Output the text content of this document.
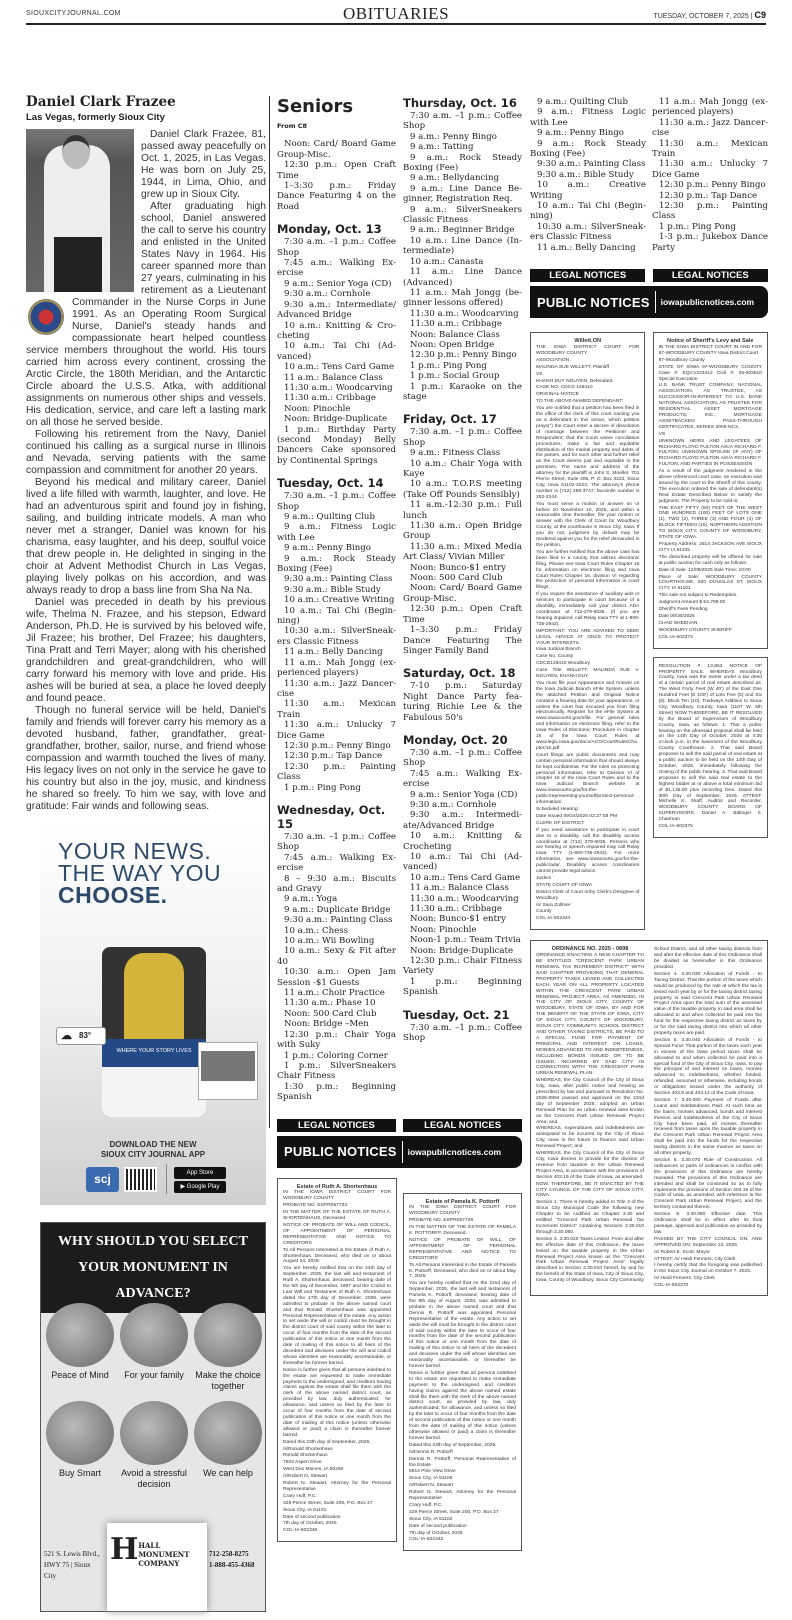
SIOUXCITYJOURNAL.COM	OBITUARIES	TUESDAY, OCTOBER 7, 2025 | C9
Daniel Clark Frazee
Las Vegas, formerly Sioux City

Daniel Clark Frazee, 81, passed away peacefully on Oct. 1, 2025, in Las Vegas. He was born on July 25, 1944, in Lima, Ohio, and grew up in Sioux City.

After graduating high school, Daniel answered the call to serve his country and enlisted in the United States Navy in 1964. His career spanned more than 27 years, culminating in his retirement as a Lieutenant Commander in the Nurse Corps in June 1991. As an Operating Room Surgical Nurse, Daniel's steady hands and compassionate heart helped countless service members throughout the world. His tours carried him across every continent, crossing the Arctic Circle, the 180th Meridian, and the Antarctic Circle aboard the U.S.S. Atka, with additional assignments on numerous other ships and vessels. His dedication, service, and care left a lasting mark on all those he served beside.

Following his retirement from the Navy, Daniel continued his calling as a surgical nurse in Illinois and Nevada, serving patients with the same compassion and commitment for another 20 years.

Beyond his medical and military career, Daniel lived a life filled with warmth, laughter, and love. He had an adventurous spirit and found joy in fishing, sailing, and building intricate models. A man who never met a stranger, Daniel was known for his charisma, easy laughter, and his deep, soulful voice that drew people in. He delighted in singing in the choir at Advent Methodist Church in Las Vegas, playing lively polkas on his accordion, and was always ready to drop a bass line from Sha Na Na.

Daniel was preceded in death by his previous wife, Thelma N. Frazee, and his stepson, Edward Anderson, Ph.D. He is survived by his beloved wife, Jil Frazee; his brother, Del Frazee; his daughters, Tina Pratt and Terri Mayer; along with his cherished grandchildren and great-grandchildren, who will carry forward his memory with love and pride. His ashes will be buried at sea, a place he loved deeply and found peace.

Though no funeral service will be held, Daniel's family and friends will forever carry his memory as a devoted husband, father, grandfather, great-grandfather, brother, sailor, nurse, and friend whose compassion and warmth touched the lives of many. His legacy lives on not only in the service he gave to his country but also in the joy, music, and kindness he shared so freely. To him we say, with love and gratitude: Fair winds and following seas.

YOUR NEWS.
THE WAY YOU
CHOOSE.
WHERE YOUR STORY LIVES
☁ 83°
DOWNLOAD THE NEW
SIOUX CITY JOURNAL APP
scj	App Store
▶ Google Play
WHY SHOULD YOU SELECT
YOUR MONUMENT IN ADVANCE?
Peace of Mind	For your family	Make the choice together
Buy Smart	Avoid a stressful decision
We can help
H HALL MONUMENT COMPANY
521 S. Lewis Blvd.,
HWY 75 | Sioux City
712-258-8275
1-888-455-4368
Seniors
From C8
Noon: Card/ Board Game Group-Misc.
12:30 p.m.: Open Craft Time
1–3:30 p.m.: Friday Dance Featuring 4 on the Road
Monday, Oct. 13
7:30 a.m. –1 p.m.: Coffee Shop
7:45 a.m.: Walking Exercise
9 a.m.: Senior Yoga (CD)
9:30 a.m.: Cornhole
9:30 a.m.: Intermediate/ Advanced Bridge
10 a.m.: Knitting & Crocheting
10 a.m.: Tai Chi (Advanced)
10 a.m.: Tens Card Game
11 a.m.: Balance Class
11:30 a.m.: Woodcarving
11:30 a.m.: Cribbage
Noon: Pinochle
Noon: Bridge-Duplicate
1 p.m.: Birthday Party (second Monday) Belly Dancers Cake sponsored by Continental Springs
Tuesday, Oct. 14
7:30 a.m. –1 p.m.: Coffee Shop
9 a.m.: Quilting Club
9 a.m.: Fitness Logic with Lee
9 a.m.: Penny Bingo
9 a.m.: Rock Steady Boxing (Fee)
9:30 a.m.: Painting Class
9:30 a.m.: Bible Study
10 a.m.: Creative Writing
10 a.m.: Tai Chi (Beginning)
10:30 a.m.: SilverSneakers Classic Fitness
11 a.m.: Belly Dancing
11 a.m.: Mah Jongg (experienced players)
11:30 a.m.: Jazz Dancercise
11:30 a.m.: Mexican Train
11:30 a.m.: Unlucky 7 Dice Game
12:30 p.m.: Penny Bingo
12:30 p.m.: Tap Dance
12:30 p.m.: Painting Class
1 p.m.: Ping Pong
Wednesday, Oct. 15
7:30 a.m. –1 p.m.: Coffee Shop
7:45 a.m.: Walking Exercise
8 – 9:30 a.m.: Biscuits and Gravy
9 a.m.: Yoga
9 a.m.: Duplicate Bridge
9:30 a.m.: Painting Class
10 a.m.: Chess
10 a.m.: Wii Bowling
10 a.m.: Sexy & Fit after 40
10:30 a.m.: Open Jam Session -$1 Guests
11 a.m.: Choir Practice
11:30 a.m.: Phase 10
Noon: 500 Card Club
Noon: Bridge –Men
12:30 p.m.: Chair Yoga with Suky
1 p.m.: Coloring Corner
1 p.m.: SilverSneakers Chair Fitness
1:30 p.m.: Beginning Spanish
Thursday, Oct. 16
7:30 a.m. –1 p.m.: Coffee Shop
9 a.m.: Penny Bingo
9 a.m.: Tatting
9 a.m.: Rock Steady Boxing (Fee)
9 a.m.: Bellydancing
9 a.m.: Line Dance Beginner, Registration Req.
9 a.m.: SilverSneakers Classic Fitness
9 a.m.: Beginner Bridge
10 a.m.: Line Dance (Intermediate)
10 a.m.: Canasta
11 a.m.: Line Dance (Advanced)
11 a.m.: Mah Jongg (beginner lessons offered)
11:30 a.m.: Woodcarving
11:30 a.m.: Cribbage
Noon: Balance Class
Noon: Open Bridge
12:30 p.m.: Penny Bingo
1 p.m.: Ping Pong
1 p.m.: Social Group
1 p.m.: Karaoke on the stage
Friday, Oct. 17
7:30 a.m. –1 p.m.: Coffee Shop
9 a.m.: Fitness Class
10 a.m.: Chair Yoga with Kaye
10 a.m.: T.O.P.S meeting (Take Off Pounds Sensibly)
11 a.m.-12:30 p.m.: Full lunch
11:30 a.m.: Open Bridge Group
11:30 a.m.: Mixed Media Art Class/ Vivian Miller
Noon: Bunco-$1 entry
Noon: 500 Card Club
Noon: Card/ Board Game Group-Misc.
12:30 p.m.: Open Craft Time
1–3:30 p.m.: Friday Dance Featuring The Singer Family Band
Saturday, Oct. 18
7-10 p.m.: Saturday Night Dance Party featuring Richie Lee & the Fabulous 50's
Monday, Oct. 20
7:30 a.m. –1 p.m.: Coffee Shop
7:45 a.m.: Walking Exercise
9 a.m.: Senior Yoga (CD)
9:30 a.m.: Cornhole
9:30 a.m.: Intermediate/Advanced Bridge
10 a.m.: Knitting & Crocheting
10 a.m.: Tai Chi (Advanced)
10 a.m.: Tens Card Game
11 a.m.: Balance Class
11:30 a.m.: Woodcarving
11:30 a.m.: Cribbage
Noon: Bunco-$1 entry
Noon: Pinochle
Noon-1 p.m.: Team Trivia
Noon: Bridge-Duplicate
12:30 p.m.: Chair Fitness Variety
1 p.m.: Beginning Spanish
Tuesday, Oct. 21
7:30 a.m. –1 p.m.: Coffee Shop
LEGAL NOTICES	LEGAL NOTICES
PUBLIC NOTICES iowapublicnotices.com
Estate of Ruth A. Shortenhaus

IN THE IOWA DISTRICT COURT FOR WOODBURY COUNTY

PROBATE NO. ESPR057733

IN THE MATTER OF THE ESTATE OF RUTH A. SHORTENHAUS, Deceased.

NOTICE OF PROBATE OF WILL AND CODICIL, OF APPOINTMENT OF PERSONAL REPRESENTATIVE AND NOTICE TO CREDITORS

To All Persons Interested in the Estate of Ruth A. Shortenhaus, Deceased, who died on or about August 24, 2025:

You are hereby notified that on the 24th day of September, 2025, the last will and testament of Ruth A. Shortenhaus, deceased, bearing date of the 5th day of December, 1997 and the Codicil to Last Will and Testament of Ruth A. Shortenhaus dated the 17th day of December, 2008, were admitted to probate in the above named court and that Ronald Shortenhaus was appointed Personal Representative of the estate. Any action to set aside the will or codicil must be brought in the district court of said county within the later to occur of four months from the date of the second publication of this notice or one month from the date of mailing of this notice to all heirs of the decedent and devisees under the will and codicil whose identities are reasonably ascertainable, or thereafter be forever barred.

Notice is further given that all persons indebted to the estate are requested to make immediate payment to the undersigned, and creditors having claims against the estate shall file them with the clerk of the above named district court, as provided by law, duly authenticated, for allowance, and unless so filed by the later to occur of four months from the date of second publication of this notice or one month from the date of mailing of this notice (unless otherwise allowed or paid) a claim is thereafter forever barred.

Dated this 24th day of September, 2025.

/s/Ronald Shortenhaus

Ronald Shortenhaus

7803 Aspen Drive

West Des Moines, IA 50266

/s/Robert N. Stewart

Robert N. Stewart, Attorney for the Personal Representative

Crary Huff, P.C.

329 Pierce Street, Suite 200, P.O. Box 27

Sioux City, IA 51101

Date of second publication

7th day of October, 2025

COL-IA-502345

Estate of Pamela K. Pottorff

IN THE IOWA DISTRICT COURT FOR WOODBURY COUNTY

PROBATE NO. ESPR057728

IN THE MATTER OF THE ESTATE OF PAMELA K. POTTORFF, Deceased.

NOTICE OF PROBATE OF WILL, OF APPOINTMENT OF PERSONAL REPRESENTATIVE AND NOTICE TO CREDITORS

To All Persons Interested in the Estate of Pamela K. Pottorff, Deceased, who died on or about May 7, 2025:

You are hereby notified that on the 22nd day of September, 2025, the last will and testament of Pamela K. Pottorff, deceased, bearing date of the 6th day of August, 2020, was admitted to probate in the above named court and that Dennis R. Pottorff was appointed Personal Representative of the estate. Any action to set aside the will must be brought in the district court of said county within the later to occur of four months from the date of the second publication of this notice or one month from the date of mailing of this notice to all heirs of the decedent and devisees under the will whose identities are reasonably ascertainable, or thereafter be forever barred.

Notice is further given that all persons indebted to the estate are requested to make immediate payment to the undersigned, and creditors having claims against the above named estate shall file them with the clerk of the above named district court, as provided by law, duly authenticated, for allowance, and unless so filed by the later to occur of four months from the date of second publication of this notice or one month from the date of mailing of this notice (unless otherwise allowed or paid) a claim is thereafter forever barred.

Dated this 24th day of September, 2025.

/s/Dennis R. Pottorff

Dennis R. Pottorff, Personal Representative of the Estate

5814 Pine View Drive

Sioux City, IA 51106

/s/Robert N. Stewart

Robert N. Stewart, Attorney for the Personal Representative

Crary Huff, P.C.

329 Pierce Street, Suite 200, P.O. Box 27

Sioux City, IA 51102

Date of second publication

7th day of October, 2025

COL-IA-502342

9 a.m.: Quilting Club
9 a.m.: Fitness Logic with Lee
9 a.m.: Penny Bingo
9 a.m.: Rock Steady Boxing (Fee)
9:30 a.m.: Painting Class
9:30 a.m.: Bible Study
10 a.m.: Creative Writing
10 a.m.: Tai Chi (Beginning)
10:30 a.m.: SilverSneakers Classic Fitness
11 a.m.: Belly Dancing
11 a.m.: Mah Jongg (experienced players)
11:30 a.m.: Jazz Dancercise
11:30 a.m.: Mexican Train
11:30 a.m.: Unlucky 7 Dice Game
12:30 p.m.: Penny Bingo
12:30 p.m.: Tap Dance
12:30 p.m.: Painting Class
1 p.m.: Ping Pong
1-3 p.m.: Jukebox Dance Party
LEGAL NOTICES	LEGAL NOTICES
PUBLIC NOTICES iowapublicnotices.com
Willett.ON

THE IOWA DISTRICT COURT FOR WOODBURY COUNTY

ASSOCIATION

MALINDA SUE WILLETT, Plaintiff

VS.

KHANH DUY NGUYEN, Defendant.

CASE NO. CDCD 128410

ORIGINAL NOTICE

TO THE ABOVE-NAMED DEFENDANT:

You are notified that a petition has been filed in the office of the clerk of this court naming you as a defendant in this action, which petition prays(") the Court enter a decree of dissolution of marriage between the Petitioner and Respondent; that the Court waive conciliation procedures, make a fair and equitable distribution of the marital property and debts of the parties, and for such other and further relief as the Court deems just and equitable in the premises. The name and address of the attorney for the plaintiff is John S. Moeller, 701 Pierce Street, Suite 205, P. O. Box 3223, Sioux City, Iowa 51102-3223. The attorney's phone number is (712) 258-3747; facsimile number is 252-2244.

You must serve a motion or answer on or before 20 November 10, 2025, and within a reasonable time thereafter, file your motion or answer with the Clerk of Court for Woodbury County, at the courthouse in Sioux City, Iowa. If you do not, judgment by default may be rendered against you for the relief demanded in the petition.

You are further notified that the above case has been filed in a county that utilizes electronic filing. Please see Iowa Court Rules Chapter 16 for information on electronic filing and Iowa Court Rules Chapter 16, division VI regarding the protection of personal information in court filings.

If you require the assistance of auxiliary aids or services to participate in court because of a disability, immediately call your district ADA coordinator at 712-279-6035. (If you are hearing impaired, call Relay Iowa TTY at 1-800-735-2942).

IMPORTANT: YOU ARE ADVISED TO SEEK LEGAL ADVICE AT ONCE TO PROTECT YOUR INTERESTS.

Iowa Judicial Branch

Case No. County

CDCD128410 Woodbury

Case Title WILLETT, MALINDA SUE V. NGUYEN, KHANH DUY

You must file your Appearance and Answer on the Iowa Judicial Branch eFile System, unless the attached Petition and Original Notice contains a hearing date for your appearance, or unless the court has excused you from filing electronically. Register for the eFile System at www.iowacourts.gov/efile. For general rules and information on electronic filing, refer to the Iowa Rules of Electronic Procedure in chapter 16 of the Iowa Court Rules at www.legis.iowa.gov/docs/ACO/CourtRulesChapter/16.pdf.

Court filings are public documents and may contain personal information that should always be kept confidential. For the rules on protecting personal information, refer to Division VI of chapter 16 of the Iowa Court Rules and to the Iowa Judicial Branch website at www.iowacourts.gov/for-the-public/representing-yourself/protect-personal-information/.

Scheduled Hearing:

Date Issued 09/24/2025 02:27:58 PM

CLERK OF DISTRICT

If you need assistance to participate in court due to a disability, call the disability access coordinator at (712) 279-6035. Persons who are hearing or speech impaired may call Relay Iowa TTY (1-800-735-2942). For more information, see www.iowacourts.gov/for-the-public/ada/. Disability access coordinators cannot provide legal advice.

Justice

STATE COURT OF IOWA

District Clerk of Court or/by Clerk's Designee of Woodbury

/s/ Sara Zollmer

County

COL-IA-502344

Notice of Sheriff's Levy and Sale

IN THE IOWA DISTRICT COURT IN AND FOR 97-WOODBURY COUNTY Iowa District Court

97-Woodbury County

STATE OF IOWA 97-WOODBURY COUNTY Case #: EQCV223412 Civil #: 25-003510 Special Execution

U.S. BANK TRUST COMPANY, NATIONAL ASSOCIATION, AS TRUSTEE, AS SUCCESSOR-IN-INTEREST TO U.S. BANK NATIONAL ASSOCIATION, AS TRUSTEE FOR RESIDENTIAL ASSET MORTGAGE PRODUCTS, INC., MORTGAGE ASSETBACKED PASS-THROUGH CERTIFICATES, SERIES 2006-NC3,

VS

UNKNOWN HEIRS AND LEGATEES OF RICHARD FLOYD FULTON A/K/A RICHARD F. FULTON; UNKNOWN SPOUSE (IF ANY) OF RICHARD FLOYD FULTON A/K/A RICHARD F. FULTON; AND PARTIES IN POSSESSION

As a result of the judgment rendered in the above referenced court case, an execution was issued by the court to the Sheriff of this county. The execution ordered the sale of defendant(s) Real Estate Described Below to satisfy the judgment. The Property to be sold is:

THE EAST FIFTY (50) FEET OF THE WEST ONE HUNDRED (100) FEET OF LOTS ONE (1), TWO (2), THREE (3) AND FOUR (4) OF BLOCK FIFTEEN (15), NORTHERN ADDITION TO SIOUX CITY, COUNTY OF WOODBURY, STATE OF IOWA.

Property Address: 2814 JACKSON AVE SIOUX CITY IA 51105

The described property will be offered for sale at public auction for cash only as follows:

Date of Sale: 12/09/2025 Sale Time: 10:00

Place of Sale: WOODBURY COUNTY COURTHOUSE, 620 DOUGLAS ST, SIOUX CITY, IA 51101

This sale not subject to Redemption.

Judgment Amount $ 54,799.00

Sheriff's Fees Pending

Date 09/30/2025

CHAD SHEEHAN

WOODBURY COUNTY SHERIFF

COL-IA-502374

RESOLUTION # 13,853 NOTICE OF PROPERTY SALE. WHEREAS Woodbury County, Iowa was the owner under a tax deed of a certain parcel of real estate described as: The West Forty Feet (W 40') of the East One Hundred Feet (E 100') of Lots Five (5) and Six (6), Block Ten (10), Tredways Addition to Sioux City, Woodbury County, Iowa (1107 W. 5th Street) NOW THEREFORE, BE IT RESOLVED by the Board of Supervisors of Woodbury County, Iowa, as follows: 1. That a public hearing on the aforesaid proposal shall be held on the 14th Day of October, 2025 at 4:35 o'clock p.m. in the basement of the Woodbury County Courthouse. 2. That said Board proposes to sell the said parcel of real estate at a public auction to be held on the 14th Day of October, 2025, immediately following the closing of the public hearing. 3. That said Board proposes to sell the said real estate to the highest bidder at or above a total minimum bid of $1,135.00 plus recording fees. Dated this 30th Day of September, 2025. ATTEST: Michelle K. Skaff, Auditor and Recorder, WOODBURY COUNTY BOARD OF SUPERVISORS, Daniel A. Bittinger II, Chairman

COL-IA-502375

ORDINANCE NO. 2025 - 0898

ORDINANCE ENACTING A NEW CHAPTER TO BE ENTITLED "CRESCENT PARK URBAN RENEWAL TAX INCREMENT DISTRICT" WITH SAID CHAPTER PROVIDING THAT GENERAL PROPERTY TAXES LEVIED AND COLLECTED EACH YEAR ON ALL PROPERTY LOCATED WITHIN THE CRESCENT PARK URBAN RENEWAL PROJECT AREA, AS AMENDED, IN THE CITY OF SIOUX CITY, COUNTY OF WOODBURY, STATE OF IOWA, BY AND FOR THE BENEFIT OF THE STATE OF IOWA, CITY OF SIOUX CITY, COUNTY OF WOODBURY, SIOUX CITY COMMUNITY SCHOOL DISTRICT AND OTHER TAXING DISTRICTS, BE PAID TO A SPECIAL FUND FOR PAYMENT OF PRINCIPAL AND INTEREST ON LOANS, MONIES ADVANCED TO AND INDEBTEDNESS, INCLUDING BONDS ISSUED OR TO BE ISSUED, INCURRED BY SAID CITY IN CONNECTION WITH THE CRESCENT PARK URBAN RENEWAL PLAN.

WHEREAS, the City Council of the City of Sioux City, Iowa, after public notice and hearing as prescribed by law and pursuant to Resolution No. 2025-0894 passed and approved on the 22nd day of September 2025, adopted an Urban Renewal Plan for an urban renewal area known as the Crescent Park Urban Renewal Project Area; and

WHEREAS, expenditures and indebtedness are anticipated to be incurred by the City of Sioux City, Iowa in the future to finance said Urban Renewal Project; and

WHEREAS, the City Council of the City of Sioux City, Iowa desires to provide for the division of revenue from taxation in the Urban Renewal Project Area, in accordance with the provisions of Section 403.19 of the Code of Iowa, as amended.

NOW, THEREFORE, BE IT ENACTED BY THE CITY COUNCIL OF THE CITY OF SIOUX CITY, IOWA:

Section 1. There is hereby added to Title 3 of the Sioux City Municipal Code the following new Chapter to be codified as Chapter 3.30 and entitled "Crescent Park Urban Renewal Tax Increment District" containing Sections 3.30.010 through 3.30.080.

Section 3. 3.30.020 Taxes Levied. From and after the effective date of this Ordinance, the taxes levied on the taxable property in the Urban Renewal Project Area known as the "Crescent Park Urban Renewal Project Area" legally described in Section 3.30.010 hereof, by and for the benefit of the State of Iowa, City of Sioux City, Iowa, County of Woodbury, Sioux City Community School District, and all other taxing districts from and after the effective date of this Ordinance shall be divided as hereinafter in this Ordinance provided.

Section 4. 3.30.030 Allocation of Funds - to Taxing District. That the portion of the taxes which would be produced by the rate at which the tax is levied each year by or for the taxing district taxing property in said Crescent Park Urban Renewal Project Area upon the total sum of the assessed value of the taxable property in said area shall be allocated to and when collected be paid into the fund for the respective taxing district as taxes by or for the said taxing district into which all other property taxes are paid.

Section 5. 3.30.040 Allocation of Funds - to Special Fund. That portion of the taxes each year in excess of the base period taxes shall be allocated to and when collected be paid into a special fund of the City of Sioux City, Iowa, to pay the principal of and interest on loans, monies advanced to, indebtedness, whether funded, refunded, assumed or otherwise, including bonds or obligations issued under the authority of Section 403.9 and 403.12 of the Code of Iowa.

Section 7. 3.30.060 Payment of Funds after Loans and Indebtedness Paid. At such time as the loans, monies advanced, bonds and interest thereon and indebtedness of the City of Sioux City have been paid, all monies thereafter received from taxes upon the taxable property in the Crescent Park Urban Renewal Project Area shall be paid into the funds for the respective taxing districts in the same manner as taxes on all other property.

Section 8. 3.30.070 Rule of Construction. All ordinances or parts of ordinances in conflict with the provisions of this Ordinance are hereby repealed. The provisions of this Ordinance are intended and shall be construed so as to fully implement the provisions of Section 403.19 of the Code of Iowa, as amended, with reference to the Crescent Park Urban Renewal Project, and the territory contained therein.

Section 9. 3.30.080 Effective date. This Ordinance shall be in effect after its final passage, approval and publication as provided by law.

PASSED BY THE CITY COUNCIL ON, AND APPROVED ON: September 22, 2025

/s/ Robert E. Scott, Mayor

ATTEST: /s/ Heidi Fenners, City Clerk

I hereby certify that the foregoing was published in the Sioux City Journal on October 7, 2025.

/s/ Heidi Fenners, City Clerk

COL-IA-502370
